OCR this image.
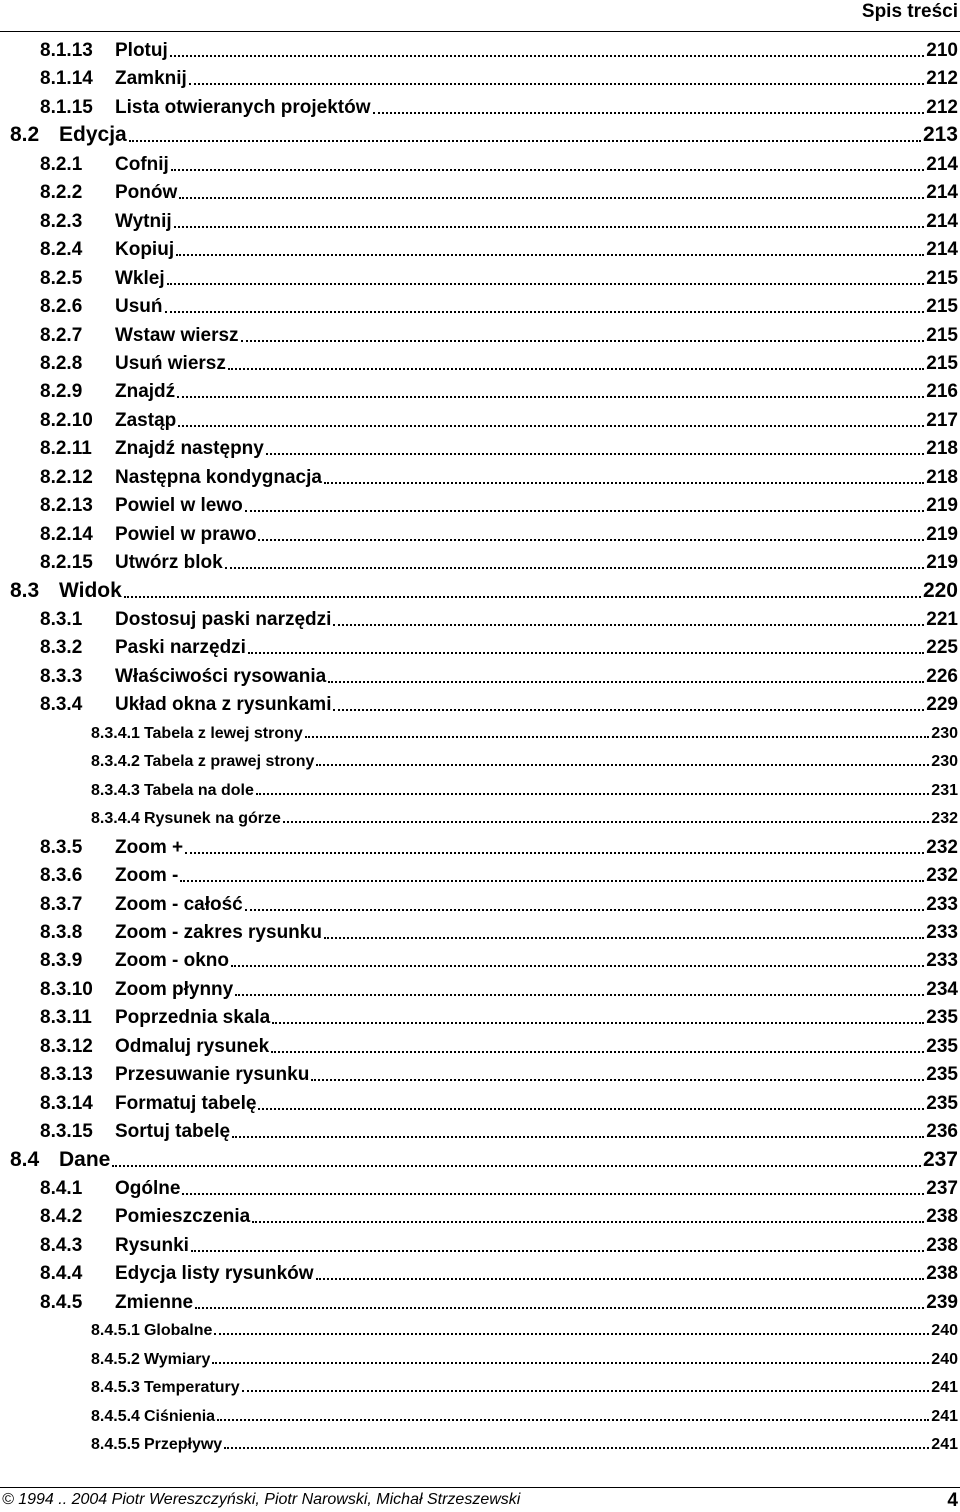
Spis treści
8.1.13	Plotuj	210
8.1.14	Zamknij	212
8.1.15	Lista otwieranych projektów	212
8.2 Edycja	213
8.2.1	Cofnij	214
8.2.2	Ponów	214
8.2.3	Wytnij	214
8.2.4	Kopiuj	214
8.2.5	Wklej	215
8.2.6	Usuń	215
8.2.7	Wstaw wiersz	215
8.2.8	Usuń wiersz	215
8.2.9	Znajdź	216
8.2.10	Zastąp	217
8.2.11	Znajdź następny	218
8.2.12	Następna kondygnacja	218
8.2.13	Powiel w lewo	219
8.2.14	Powiel w prawo	219
8.2.15	Utwórz blok	219
8.3 Widok	220
8.3.1	Dostosuj paski narzędzi	221
8.3.2	Paski narzędzi	225
8.3.3	Właściwości rysowania	226
8.3.4	Układ okna z rysunkami	229
8.3.4.1 Tabela z lewej strony	230
8.3.4.2 Tabela z prawej strony	230
8.3.4.3 Tabela na dole	231
8.3.4.4 Rysunek na górze	232
8.3.5	Zoom +	232
8.3.6	Zoom -	232
8.3.7	Zoom - całość	233
8.3.8	Zoom - zakres rysunku	233
8.3.9	Zoom - okno	233
8.3.10	Zoom płynny	234
8.3.11	Poprzednia skala	235
8.3.12	Odmaluj rysunek	235
8.3.13	Przesuwanie rysunku	235
8.3.14	Formatuj tabelę	235
8.3.15	Sortuj tabelę	236
8.4 Dane	237
8.4.1	Ogólne	237
8.4.2	Pomieszczenia	238
8.4.3	Rysunki	238
8.4.4	Edycja listy rysunków	238
8.4.5	Zmienne	239
8.4.5.1 Globalne	240
8.4.5.2 Wymiary	240
8.4.5.3 Temperatury	241
8.4.5.4 Ciśnienia	241
8.4.5.5 Przepływy	241
© 1994 .. 2004 Piotr Wereszczyński, Piotr Narowski, Michał Strzeszewski	4
